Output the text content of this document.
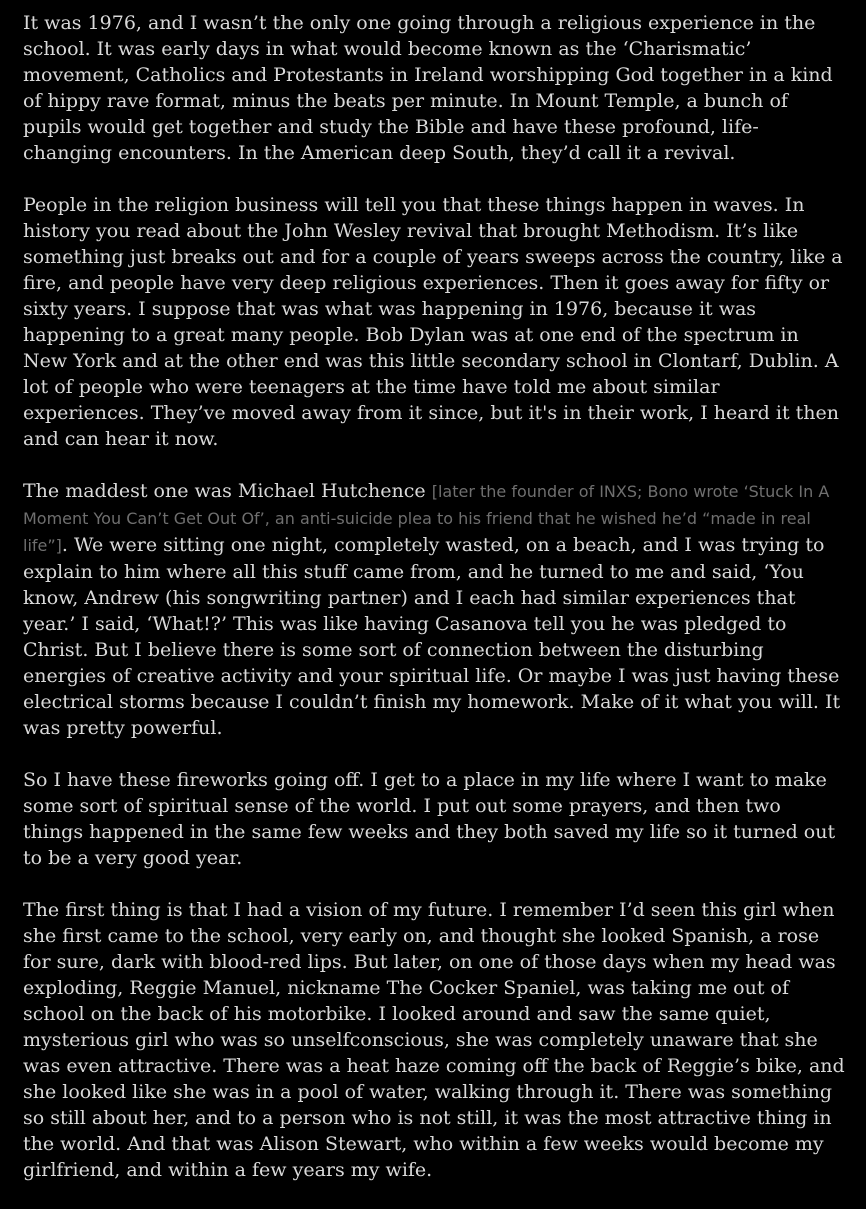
It was 1976, and I wasn’t the only one going through a religious experience in the school. It was early days in what would become known as the ‘Charismatic’ movement, Catholics and Protestants in Ireland worshipping God together in a kind of hippy rave format, minus the beats per minute. In Mount Temple, a bunch of pupils would get together and study the Bible and have these profound, life-changing encounters. In the American deep South, they’d call it a revival.

People in the religion business will tell you that these things happen in waves. In history you read about the John Wesley revival that brought Methodism. It’s like something just breaks out and for a couple of years sweeps across the country, like a fire, and people have very deep religious experiences. Then it goes away for fifty or sixty years. I suppose that was what was happening in 1976, because it was happening to a great many people. Bob Dylan was at one end of the spectrum in New York and at the other end was this little secondary school in Clontarf, Dublin. A lot of people who were teenagers at the time have told me about similar experiences. They’ve moved away from it since, but it's in their work, I heard it then and can hear it now.

The maddest one was Michael Hutchence [later the founder of INXS; Bono wrote ‘Stuck In A Moment You Can’t Get Out Of’, an anti-suicide plea to his friend that he wished he’d “made in real life”]. We were sitting one night, completely wasted, on a beach, and I was trying to explain to him where all this stuff came from, and he turned to me and said, ‘You know, Andrew (his songwriting partner) and I each had similar experiences that year.’ I said, ‘What!?’ This was like having Casanova tell you he was pledged to Christ. But I believe there is some sort of connection between the disturbing energies of creative activity and your spiritual life. Or maybe I was just having these electrical storms because I couldn’t finish my homework. Make of it what you will. It was pretty powerful.

So I have these fireworks going off. I get to a place in my life where I want to make some sort of spiritual sense of the world. I put out some prayers, and then two things happened in the same few weeks and they both saved my life so it turned out to be a very good year.

The first thing is that I had a vision of my future. I remember I’d seen this girl when she first came to the school, very early on, and thought she looked Spanish, a rose for sure, dark with blood-red lips. But later, on one of those days when my head was exploding, Reggie Manuel, nickname The Cocker Spaniel, was taking me out of school on the back of his motorbike. I looked around and saw the same quiet, mysterious girl who was so unselfconscious, she was completely unaware that she was even attractive. There was a heat haze coming off the back of Reggie’s bike, and she looked like she was in a pool of water, walking through it. There was something so still about her, and to a person who is not still, it was the most attractive thing in the world. And that was Alison Stewart, who within a few weeks would become my girlfriend, and within a few years my wife.
